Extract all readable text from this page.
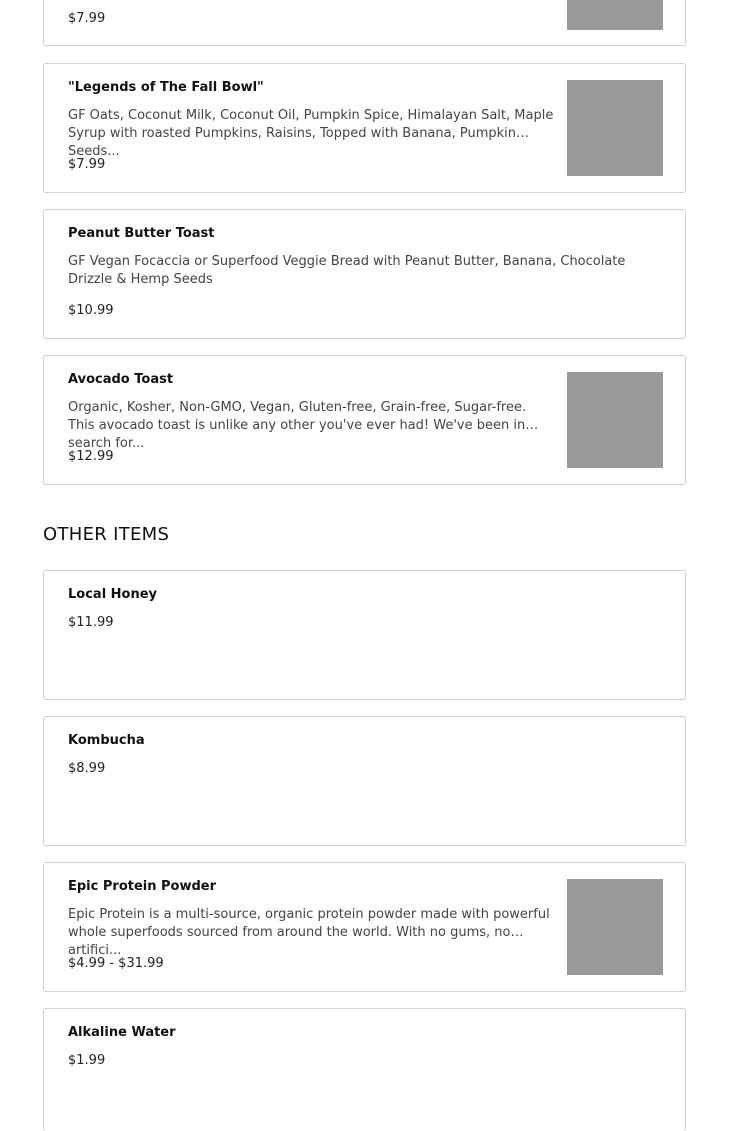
$7.99
"Legends of The Fall Bowl"
GF Oats, Coconut Milk, Coconut Oil, Pumpkin Spice, Himalayan Salt, Maple Syrup with roasted Pumpkins, Raisins, Topped with Banana, Pumpkin Seeds...
$7.99
Peanut Butter Toast
GF Vegan Focaccia or Superfood Veggie Bread with Peanut Butter, Banana, Chocolate Drizzle & Hemp Seeds
$10.99
Avocado Toast
Organic, Kosher, Non-GMO, Vegan, Gluten-free, Grain-free, Sugar-free. This avocado toast is unlike any other you've ever had! We've been in search for...
$12.99
OTHER ITEMS
Local Honey
$11.99
Kombucha
$8.99
Epic Protein Powder
Epic Protein is a multi-source, organic protein powder made with powerful whole superfoods sourced from around the world. With no gums, no artifici...
$4.99 - $31.99
Alkaline Water
$1.99
